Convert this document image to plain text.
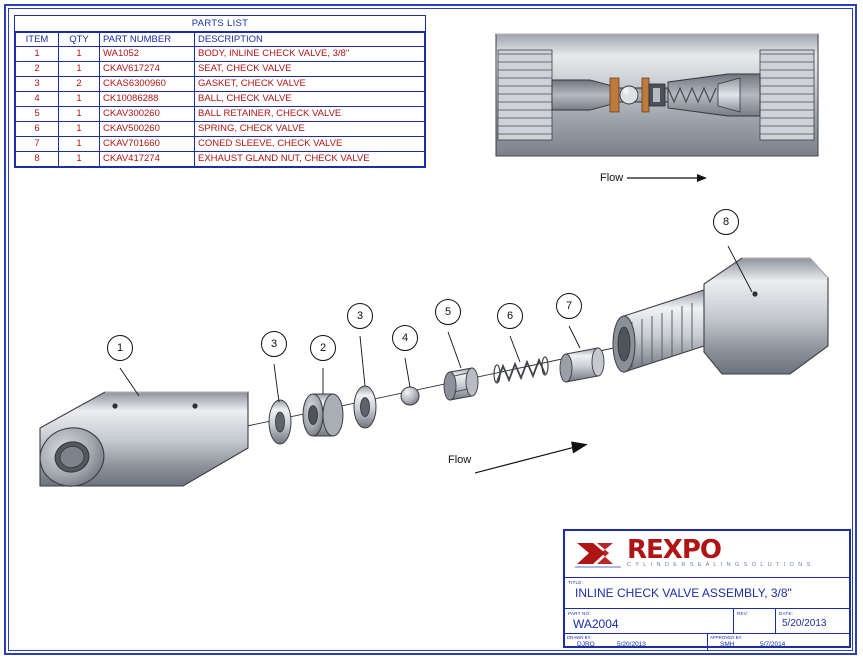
PARTS LIST
ITEM	QTY	PART NUMBER	DESCRIPTION
1	1	WA1052	BODY, INLINE CHECK VALVE, 3/8"
2	1	CKAV617274	SEAT, CHECK VALVE
3	2	CKAS6300960	GASKET, CHECK VALVE
4	1	CK10086288	BALL, CHECK VALVE
5	1	CKAV300260	BALL RETAINER, CHECK VALVE
6	1	CKAV500260	SPRING, CHECK VALVE
7	1	CKAV701660	CONED SLEEVE, CHECK VALVE
8	1	CKAV417274	EXHAUST GLAND NUT, CHECK VALVE
Flow
1	3	2
3
4
5	6
7
8
Flow
REXPO
C Y L I N D E R S E A L I N G S O L U T I O N S
TITLE:
INLINE CHECK VALVE ASSEMBLY, 3/8"
PART NO:
WA2004
REV:	DATE:
5/20/2013
DRAWN BY:
DJRO	5/20/2013
APPROVED BY:
SMH	5/7/2014
